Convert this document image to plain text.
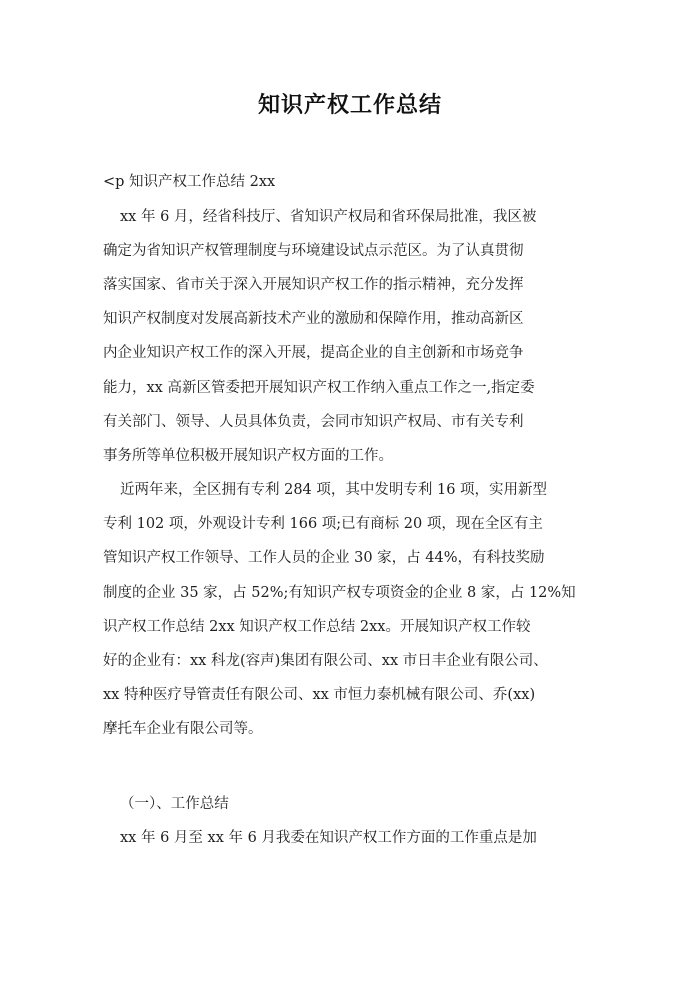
知识产权工作总结
<p 知识产权工作总结 2xx
xx 年 6 月，经省科技厅、省知识产权局和省环保局批准，我区被
确定为省知识产权管理制度与环境建设试点示范区。为了认真贯彻
落实国家、省市关于深入开展知识产权工作的指示精神，充分发挥
知识产权制度对发展高新技术产业的激励和保障作用，推动高新区
内企业知识产权工作的深入开展，提高企业的自主创新和市场竞争
能力，xx 高新区管委把开展知识产权工作纳入重点工作之一,指定委
有关部门、领导、人员具体负责，会同市知识产权局、市有关专利
事务所等单位积极开展知识产权方面的工作。
近两年来，全区拥有专利 284 项，其中发明专利 16 项，实用新型
专利 102 项，外观设计专利 166 项;已有商标 20 项，现在全区有主
管知识产权工作领导、工作人员的企业 30 家，占 44%，有科技奖励
制度的企业 35 家，占 52%;有知识产权专项资金的企业 8 家，占 12%知
识产权工作总结 2xx 知识产权工作总结 2xx。开展知识产权工作较
好的企业有：xx 科龙(容声)集团有限公司、xx 市日丰企业有限公司、
xx 特种医疗导管责任有限公司、xx 市恒力泰机械有限公司、乔(xx)
摩托车企业有限公司等。
（一）、工作总结
xx 年 6 月至 xx 年 6 月我委在知识产权工作方面的工作重点是加
